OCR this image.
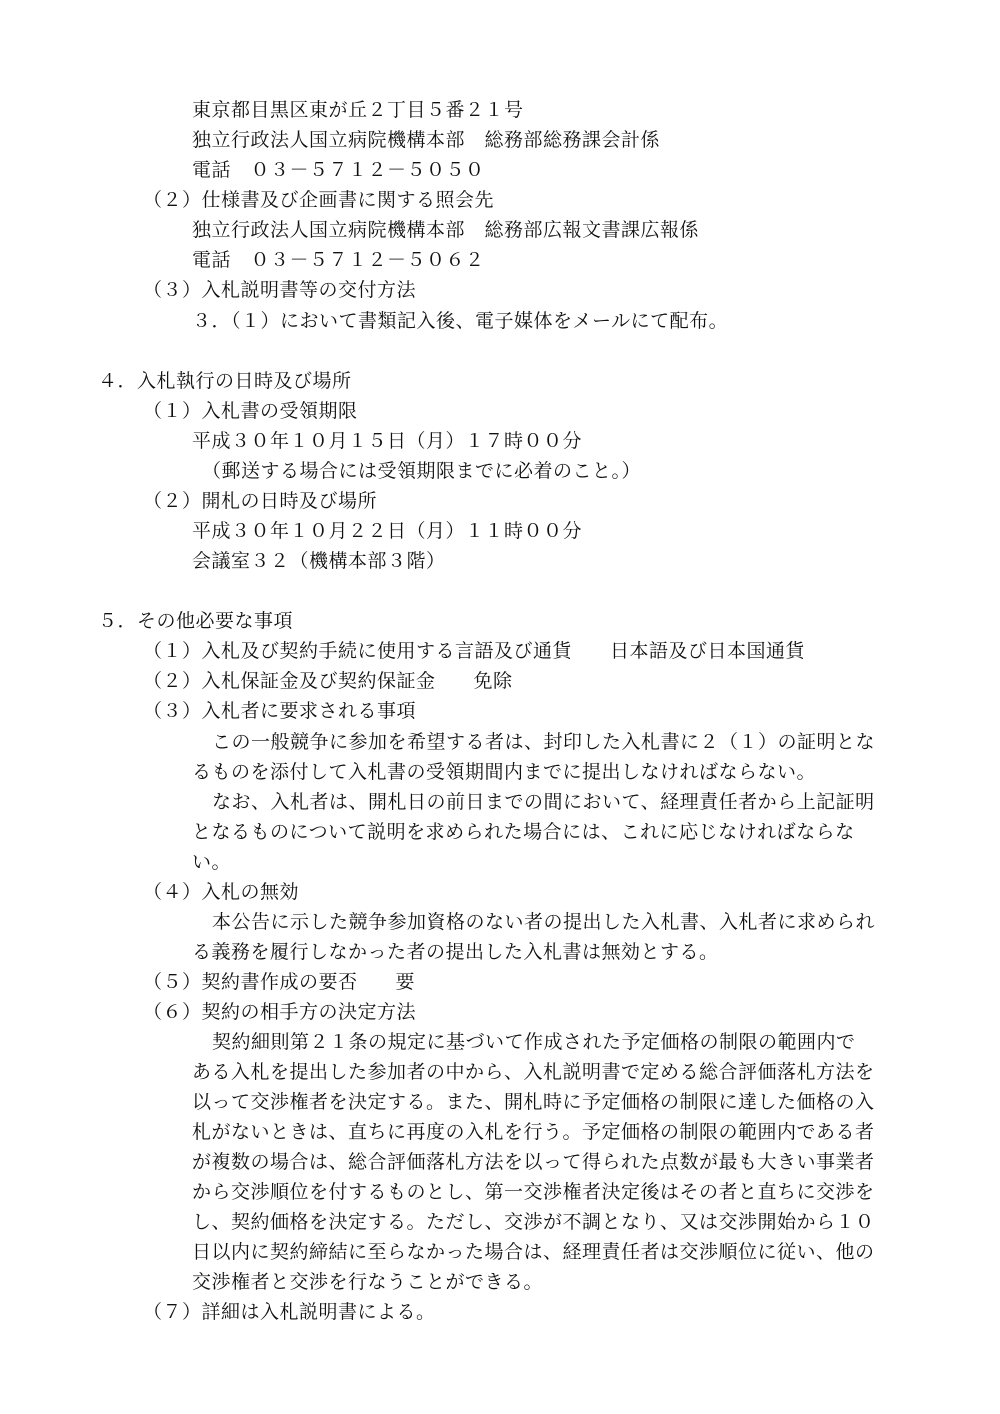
東京都目黒区東が丘２丁目５番２１号
独立行政法人国立病院機構本部　総務部総務課会計係
電話　０３－５７１２－５０５０
（２）仕様書及び企画書に関する照会先
独立行政法人国立病院機構本部　総務部広報文書課広報係
電話　０３－５７１２－５０６２
（３）入札説明書等の交付方法
３．（１）において書類記入後、電子媒体をメールにて配布。
４．入札執行の日時及び場所
（１）入札書の受領期限
平成３０年１０月１５日（月）１７時００分
（郵送する場合には受領期限までに必着のこと。）
（２）開札の日時及び場所
平成３０年１０月２２日（月）１１時００分
会議室３２（機構本部３階）
５．その他必要な事項
（１）入札及び契約手続に使用する言語及び通貨 日本語及び日本国通貨
（２）入札保証金及び契約保証金 免除
（３）入札者に要求される事項
この一般競争に参加を希望する者は、封印した入札書に２（１）の証明とな
るものを添付して入札書の受領期間内までに提出しなければならない。
なお、入札者は、開札日の前日までの間において、経理責任者から上記証明
となるものについて説明を求められた場合には、これに応じなければならな
い。
（４）入札の無効
本公告に示した競争参加資格のない者の提出した入札書、入札者に求められ
る義務を履行しなかった者の提出した入札書は無効とする。
（５）契約書作成の要否 要
（６）契約の相手方の決定方法
契約細則第２１条の規定に基づいて作成された予定価格の制限の範囲内で
ある入札を提出した参加者の中から、入札説明書で定める総合評価落札方法を
以って交渉権者を決定する。また、開札時に予定価格の制限に達した価格の入
札がないときは、直ちに再度の入札を行う。予定価格の制限の範囲内である者
が複数の場合は、総合評価落札方法を以って得られた点数が最も大きい事業者
から交渉順位を付するものとし、第一交渉権者決定後はその者と直ちに交渉を
し、契約価格を決定する。ただし、交渉が不調となり、又は交渉開始から１０
日以内に契約締結に至らなかった場合は、経理責任者は交渉順位に従い、他の
交渉権者と交渉を行なうことができる。
（７）詳細は入札説明書による。
